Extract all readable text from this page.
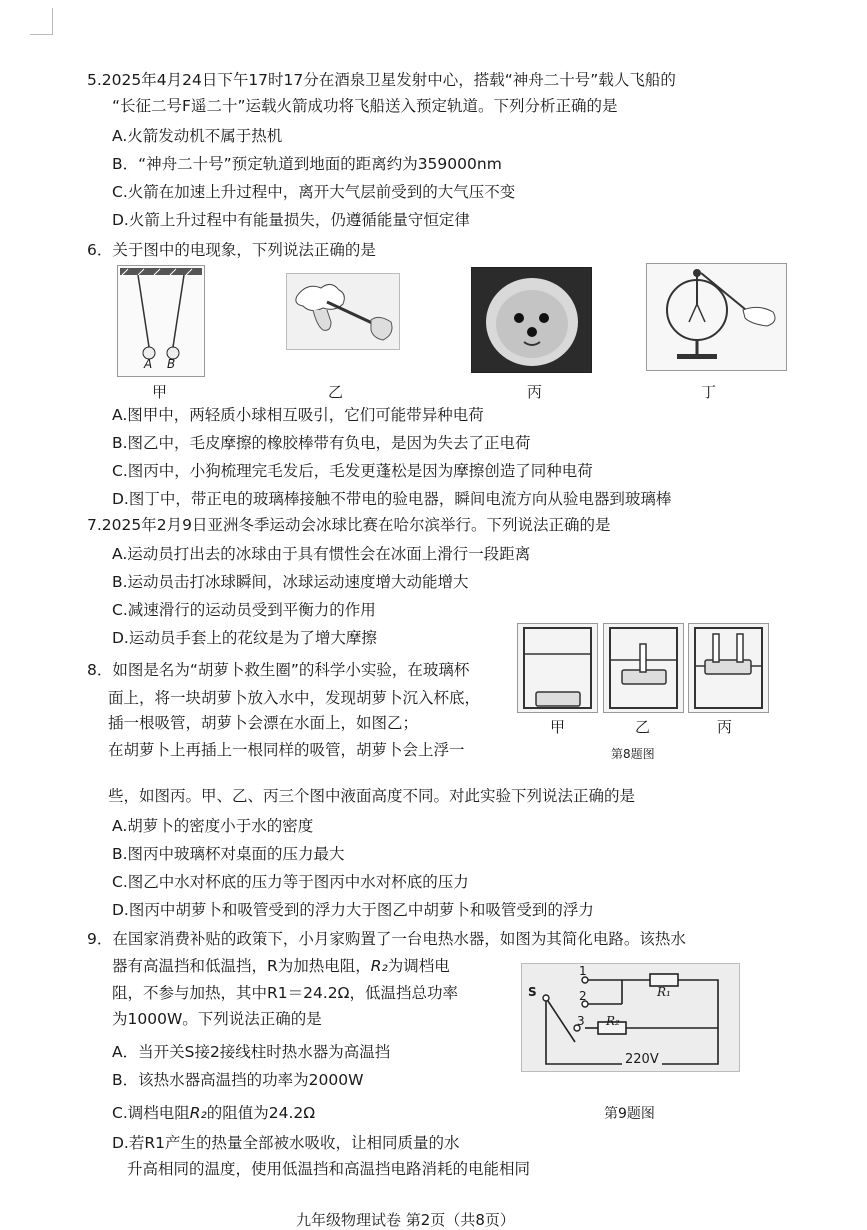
5.2025年4月24日下午17时17分在酒泉卫星发射中心，搭载“神舟二十号”载人飞船的
“长征二号F遥二十”运载火箭成功将飞船送入预定轨道。下列分析正确的是
A.火箭发动机不属于热机
B．“神舟二十号”预定轨道到地面的距离约为359000nm
C.火箭在加速上升过程中，离开大气层前受到的大气压不变
D.火箭上升过程中有能量损失，仍遵循能量守恒定律
6．关于图中的电现象，下列说法正确的是
A B
甲	乙	丙	丁
A.图甲中，两轻质小球相互吸引，它们可能带异种电荷
B.图乙中，毛皮摩擦的橡胶棒带有负电，是因为失去了正电荷
C.图丙中，小狗梳理完毛发后，毛发更蓬松是因为摩擦创造了同种电荷
D.图丁中，带正电的玻璃棒接触不带电的验电器，瞬间电流方向从验电器到玻璃棒
7.2025年2月9日亚洲冬季运动会冰球比赛在哈尔滨举行。下列说法正确的是
A.运动员打出去的冰球由于具有惯性会在冰面上滑行一段距离
B.运动员击打冰球瞬间，冰球运动速度增大动能增大
C.减速滑行的运动员受到平衡力的作用
D.运动员手套上的花纹是为了增大摩擦
8．如图是名为“胡萝卜救生圈”的科学小实验，在玻璃杯
面上，将一块胡萝卜放入水中，发现胡萝卜沉入杯底，
插一根吸管，胡萝卜会漂在水面上，如图乙；
在胡萝卜上再插上一根同样的吸管，胡萝卜会上浮一
甲	乙	丙
第8题图
些，如图丙。甲、乙、丙三个图中液面高度不同。对此实验下列说法正确的是
A.胡萝卜的密度小于水的密度
B.图丙中玻璃杯对桌面的压力最大
C.图乙中水对杯底的压力等于图丙中水对杯底的压力
D.图丙中胡萝卜和吸管受到的浮力大于图乙中胡萝卜和吸管受到的浮力
9．在国家消费补贴的政策下，小月家购置了一台电热水器，如图为其简化电路。该热水
器有高温挡和低温挡，R为加热电阻，R₂为调档电
阻，不参与加热，其中R1＝24.2Ω，低温挡总功率
为1000W。下列说法正确的是
A．当开关S接2接线柱时热水器为高温挡
B．该热水器高温挡的功率为2000W
C.调档电阻R₂的阻值为24.2Ω
D.若R1产生的热量全部被水吸收，让相同质量的水
升高相同的温度，使用低温挡和高温挡电路消耗的电能相同
S
1
2
3
R₁
R₂
220V
第9题图
九年级物理试卷 第2页（共8页）
